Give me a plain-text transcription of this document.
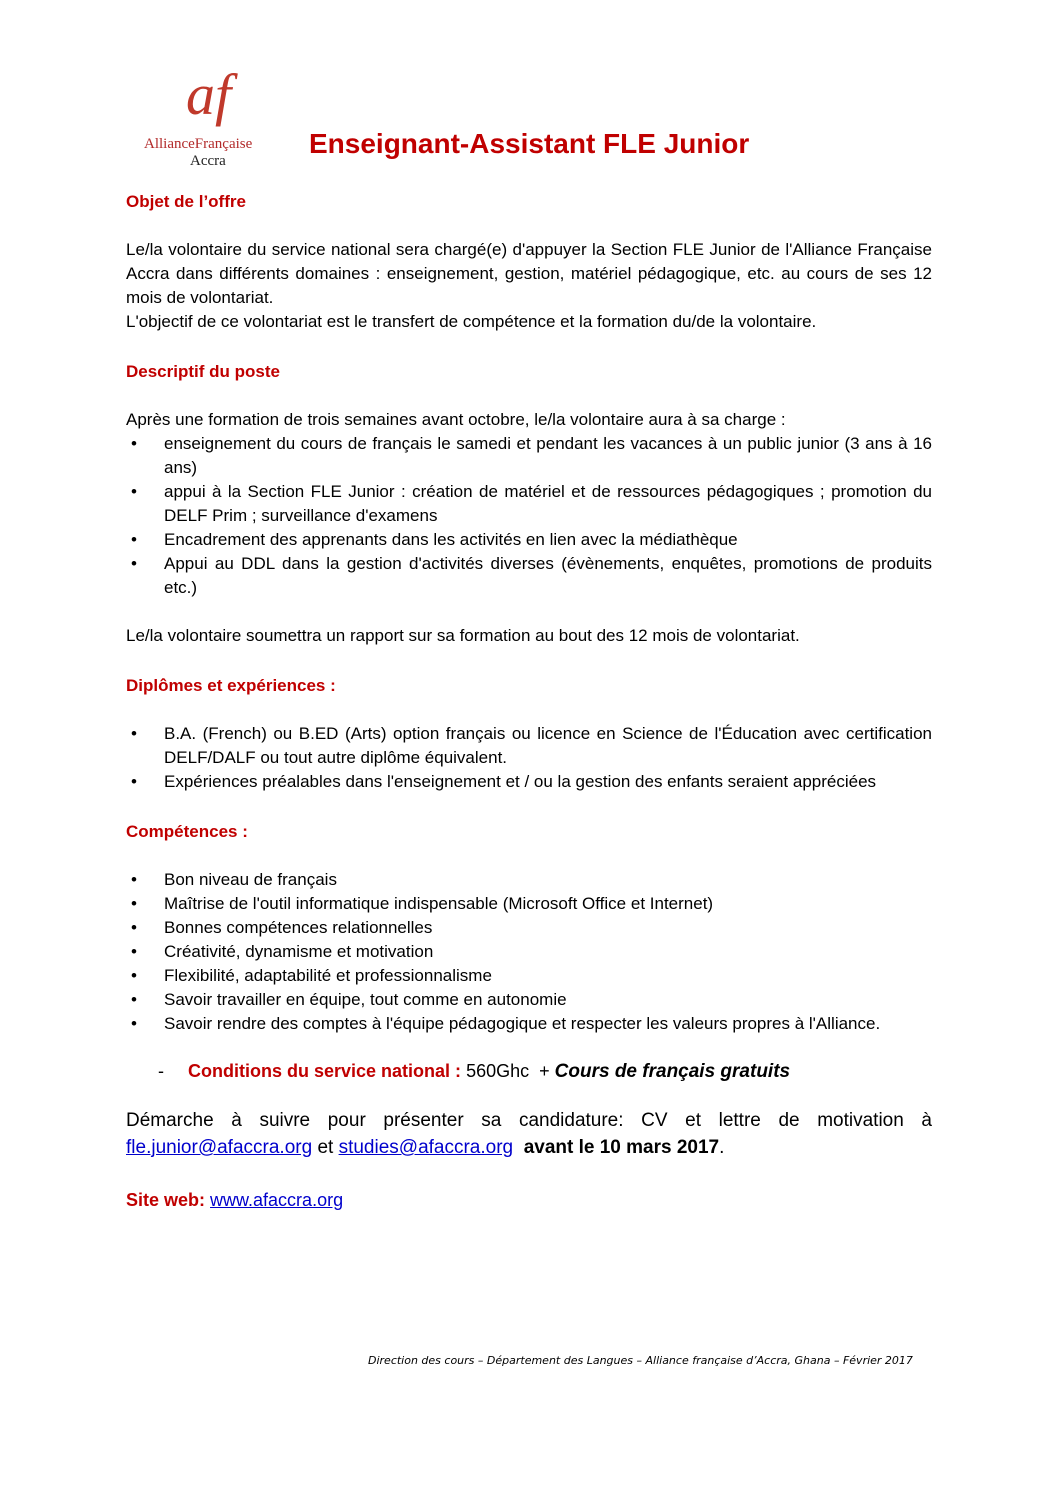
af
AllianceFrançaise
Accra
Enseignant-Assistant FLE Junior
Objet de l’offre

Le/la volontaire du service national sera chargé(e) d'appuyer la Section FLE Junior de l'Alliance Française Accra dans différents domaines : enseignement, gestion, matériel pédagogique, etc. au cours de ses 12 mois de volontariat.

L'objectif de ce volontariat est le transfert de compétence et la formation du/de la volontaire.

Descriptif du poste

Après une formation de trois semaines avant octobre, le/la volontaire aura à sa charge :

• enseignement du cours de français le samedi et pendant les vacances à un public junior (3 ans à 16 ans)
• appui à la Section FLE Junior : création de matériel et de ressources pédagogiques ; promotion du DELF Prim ; surveillance d'examens
• Encadrement des apprenants dans les activités en lien avec la médiathèque
• Appui au DDL dans la gestion d'activités diverses (évènements, enquêtes, promotions de produits etc.)

Le/la volontaire soumettra un rapport sur sa formation au bout des 12 mois de volontariat.

Diplômes et expériences :
• B.A. (French) ou B.ED (Arts) option français ou licence en Science de l'Éducation avec certification DELF/DALF ou tout autre diplôme équivalent.
• Expériences préalables dans l'enseignement et / ou la gestion des enfants seraient appréciées
Compétences :
• Bon niveau de français
• Maîtrise de l'outil informatique indispensable (Microsoft Office et Internet)
• Bonnes compétences relationnelles
• Créativité, dynamisme et motivation
• Flexibilité, adaptabilité et professionnalisme
• Savoir travailler en équipe, tout comme en autonomie
• Savoir rendre des comptes à l'équipe pédagogique et respecter les valeurs propres à l'Alliance.
- Conditions du service national : 560Ghc + Cours de français gratuits
Démarche à suivre pour présenter sa candidature: CV et lettre de motivation à fle.junior@afaccra.org et studies@afaccra.org avant le 10 mars 2017.
Site web: www.afaccra.org
Direction des cours – Département des Langues – Alliance française d’Accra, Ghana – Février 2017
